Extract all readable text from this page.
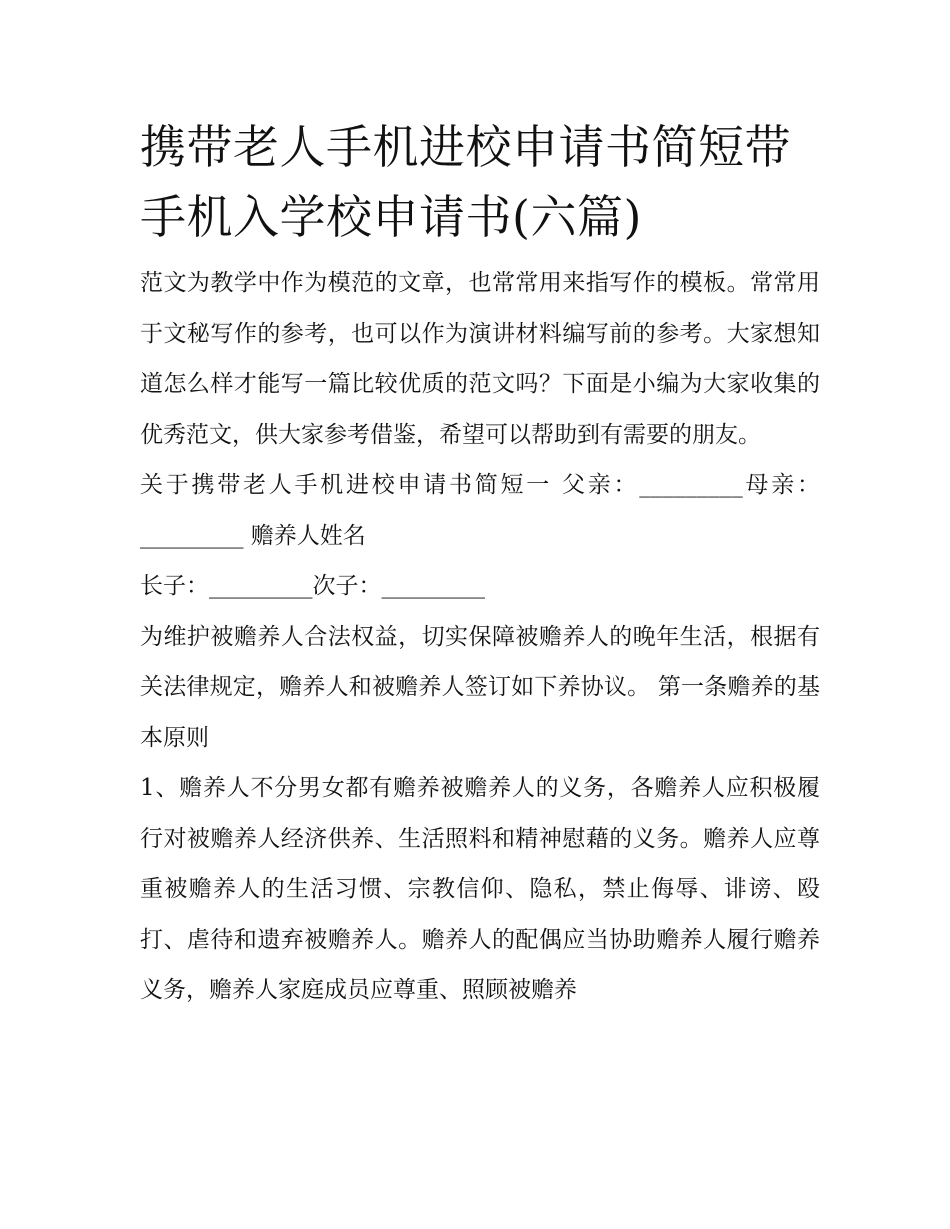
携带老人手机进校申请书简短带手机入学校申请书(六篇)

范文为教学中作为模范的文章，也常常用来指写作的模板。常常用于文秘写作的参考，也可以作为演讲材料编写前的参考。大家想知道怎么样才能写一篇比较优质的范文吗？下面是小编为大家收集的优秀范文，供大家参考借鉴，希望可以帮助到有需要的朋友。

关于携带老人手机进校申请书简短一 父亲：_________母亲：_________ 赡养人姓名

长子：_________次子：_________

为维护被赡养人合法权益，切实保障被赡养人的晚年生活，根据有关法律规定，赡养人和被赡养人签订如下养协议。 第一条赡养的基本原则

1、赡养人不分男女都有赡养被赡养人的义务，各赡养人应积极履行对被赡养人经济供养、生活照料和精神慰藉的义务。赡养人应尊重被赡养人的生活习惯、宗教信仰、隐私，禁止侮辱、诽谤、殴打、虐待和遗弃被赡养人。赡养人的配偶应当协助赡养人履行赡养义务，赡养人家庭成员应尊重、照顾被赡养
